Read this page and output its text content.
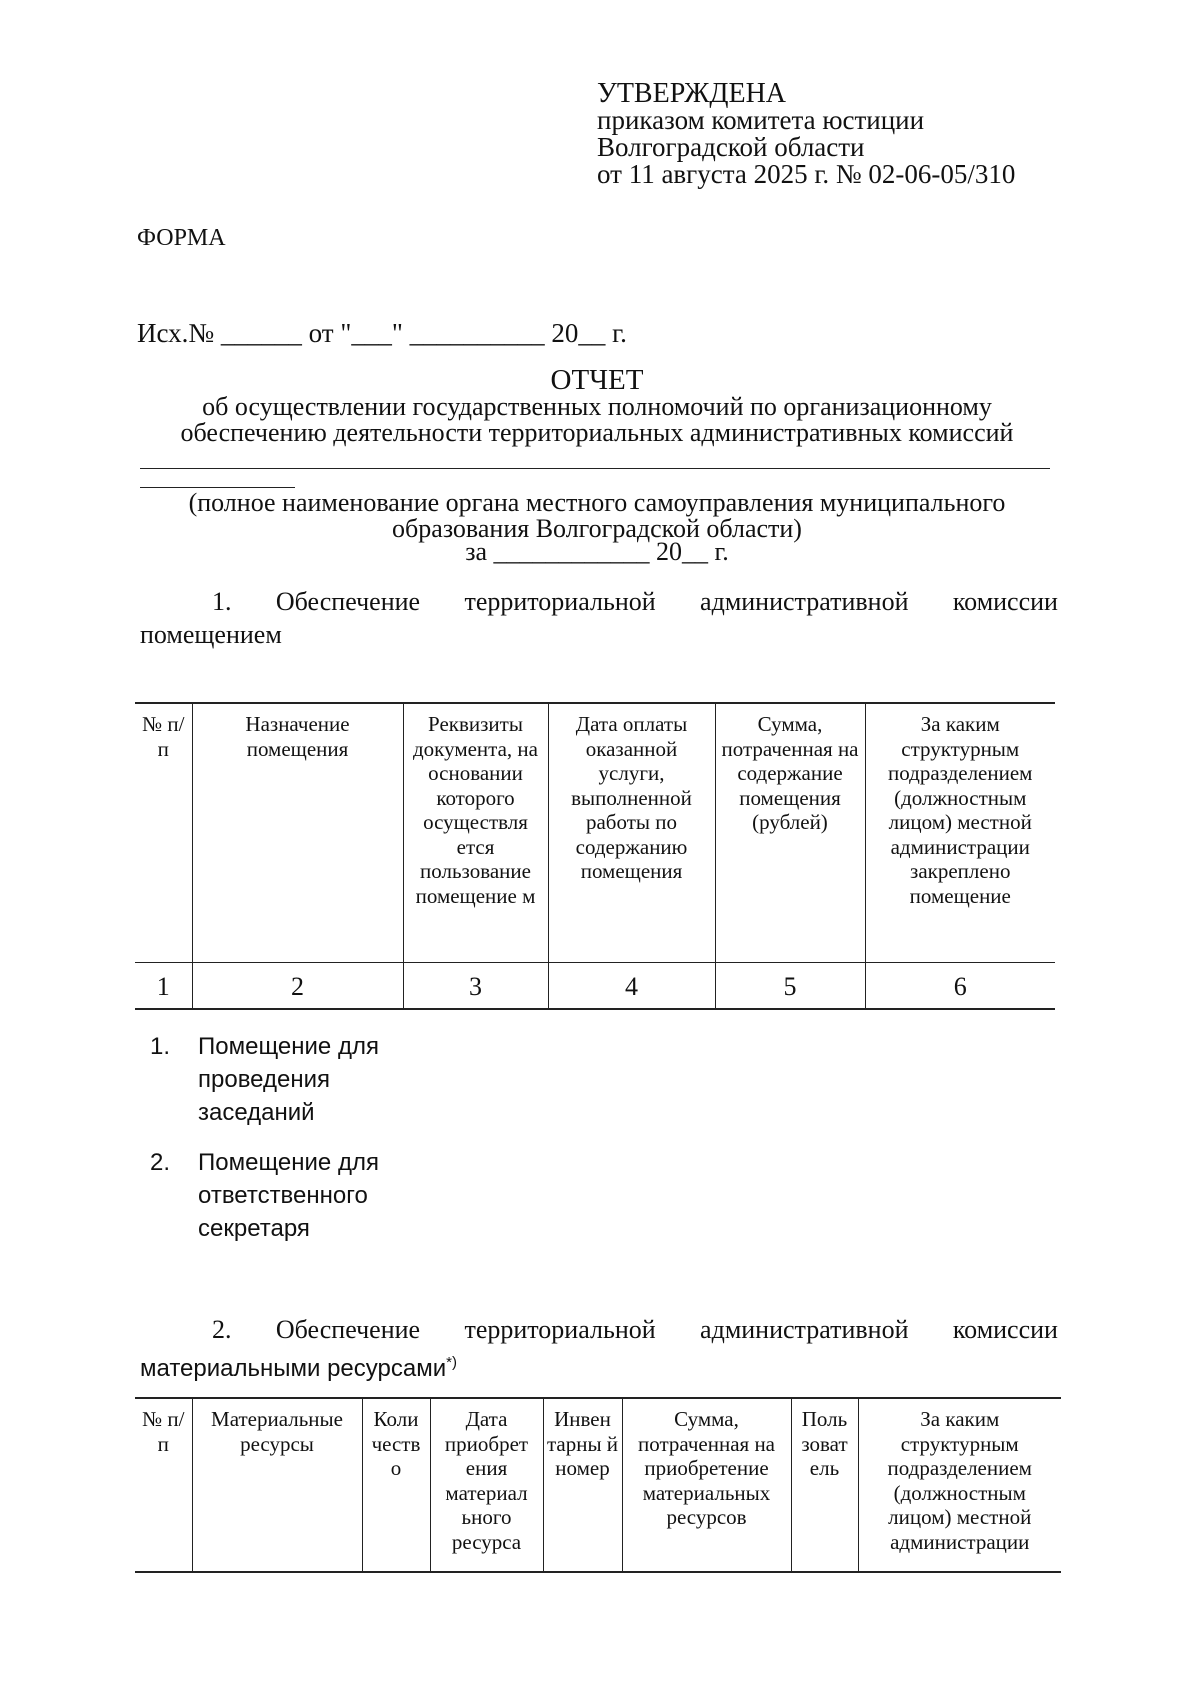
УТВЕРЖДЕНА
приказом комитета юстиции
Волгоградской области
от 11 августа 2025 г. № 02-06-05/310
ФОРМА
Исх.№ ______ от "___" __________ 20__ г.
ОТЧЕТ
об осуществлении государственных полномочий по организационному
обеспечению деятельности территориальных административных комиссий
(полное наименование органа местного самоуправления муниципального
образования Волгоградской области)
за ____________ 20__ г.
1. Обеспечение территориальной административной комиссии
помещением
№ п/п	Назначение помещения	Реквизиты документа, на основании которого осуществля ется пользование помещение м	Дата оплаты оказанной услуги, выполненной работы по содержанию помещения	Сумма, потраченная на содержание помещения (рублей)	За каким структурным подразделением (должностным лицом) местной администрации закреплено помещение
1	2	3	4	5	6
1.	Помещение для проведения заседаний
2.	Помещение для ответственного секретаря
2. Обеспечение территориальной административной комиссии
материальными ресурсами*)
№ п/п	Материальные ресурсы	Коли честв о	Дата приобрет ения материал ьного ресурса	Инвен тарны й номер	Сумма, потраченная на приобретение материальных ресурсов	Поль зоват ель	За каким структурным подразделением (должностным лицом) местной администрации
